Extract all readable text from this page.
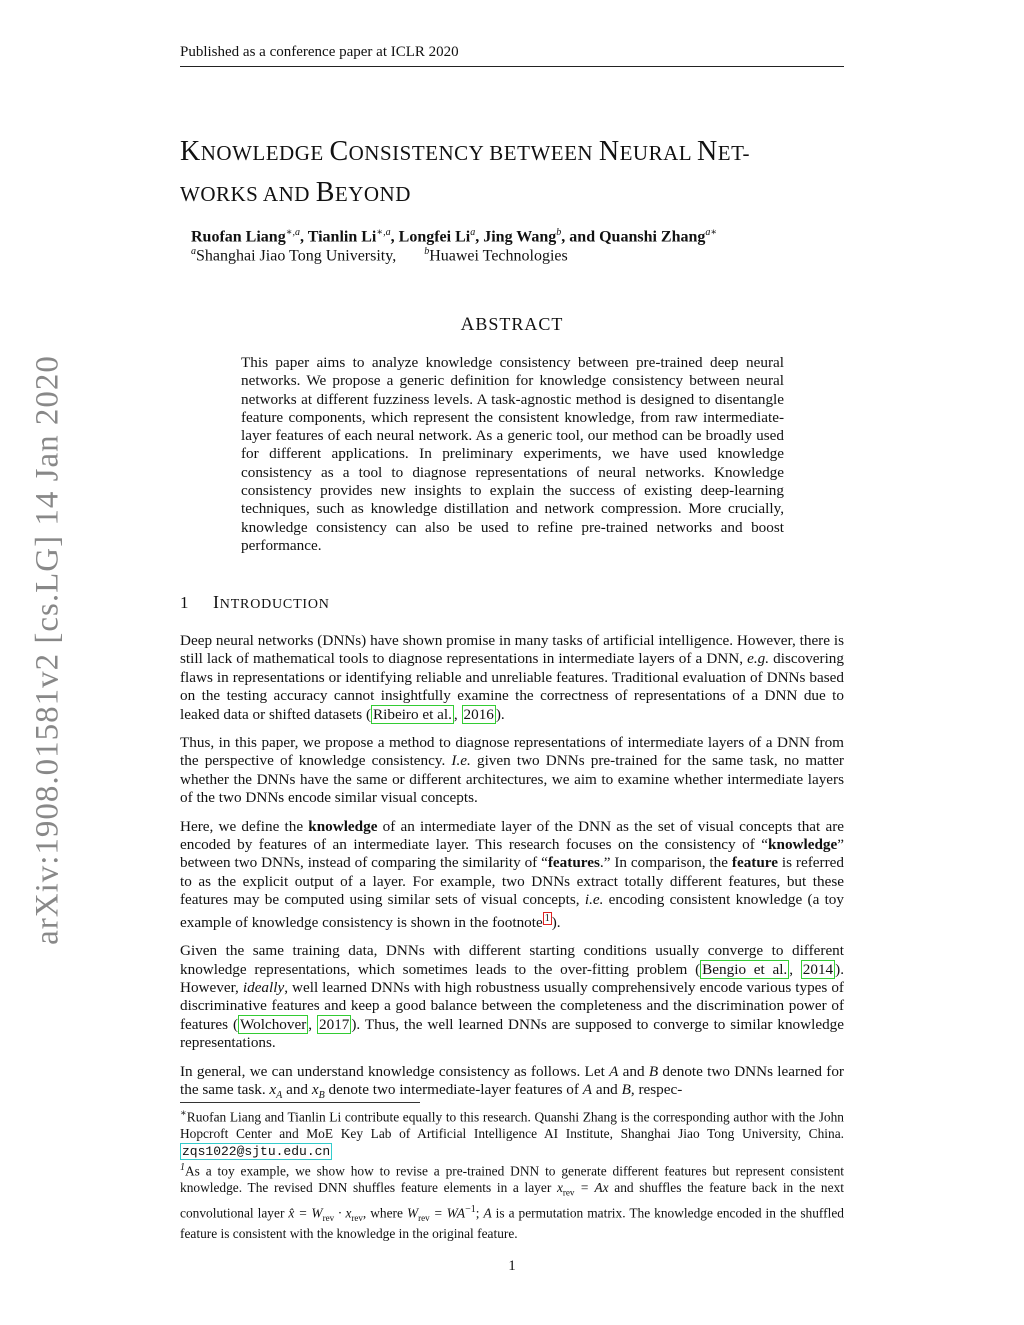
Published as a conference paper at ICLR 2020
arXiv:1908.01581v2 [cs.LG] 14 Jan 2020
KNOWLEDGE CONSISTENCY BETWEEN NEURAL NET-
WORKS AND BEYOND
Ruofan Liang$^{∗,a}$, Tianlin $Li^{∗,a}$, Longfei Li$^a$, Jing Wang$^b$, and Quanshi Zhang$^{a∗}$
$^a$Shanghai Jiao Tong University,	$^b$Huawei Technologies
ABSTRACT
This paper aims to analyze knowledge consistency between pre-trained deep neural networks. We propose a generic definition for knowledge consistency between neural networks at different fuzziness levels. A task-agnostic method is designed to disentangle feature components, which represent the consistent knowledge, from raw intermediate-layer features of each neural network. As a generic tool, our method can be broadly used for different applications. In preliminary experiments, we have used knowledge consistency as a tool to diagnose representations of neural networks. Knowledge consistency provides new insights to explain the success of existing deep-learning techniques, such as knowledge distillation and network compression. More crucially, knowledge consistency can also be used to refine pre-trained networks and boost performance.
1 INTRODUCTION

Deep neural networks (DNNs) have shown promise in many tasks of artificial intelligence. However, there is still lack of mathematical tools to diagnose representations in intermediate layers of a DNN, e.g. discovering flaws in representations or identifying reliable and unreliable features. Traditional evaluation of DNNs based on the testing accuracy cannot insightfully examine the correctness of representations of a DNN due to leaked data or shifted datasets ( Ribeiro et al. , 2016 ).

Thus, in this paper, we propose a method to diagnose representations of intermediate layers of a DNN from the perspective of knowledge consistency. I.e. given two DNNs pre-trained for the same task, no matter whether the DNNs have the same or different architectures, we aim to examine whether intermediate layers of the two DNNs encode similar visual concepts.

Here, we define the knowledge of an intermediate layer of the DNN as the set of visual concepts that are encoded by features of an intermediate layer. This research focuses on the consistency of “knowledge” between two DNNs, instead of comparing the similarity of “features.” In comparison, the feature is referred to as the explicit output of a layer. For example, two DNNs extract totally different features, but these features may be computed using similar sets of visual concepts, i.e. encoding consistent knowledge (a toy example of knowledge consistency is shown in the footnote $^1$ ).

Given the same training data, DNNs with different starting conditions usually converge to different knowledge representations, which sometimes leads to the over-fitting problem ( Bengio et al. , 2014 ). However, ideally, well learned DNNs with high robustness usually comprehensively encode various types of discriminative features and keep a good balance between the completeness and the discrimination power of features ( Wolchover , 2017 ). Thus, the well learned DNNs are supposed to converge to similar knowledge representations.

In general, we can understand knowledge consistency as follows. Let A and B denote two DNNs learned for the same task. $x_A$ and $x_B$ denote two intermediate-layer features of A and B, respec-

∗Ruofan Liang and Tianlin Li contribute equally to this research. Quanshi Zhang is the corresponding author with the John Hopcroft Center and MoE Key Lab of Artificial Intelligence AI Institute, Shanghai Jiao Tong University, China. zqs1022@sjtu.edu.cn

$^1$As a toy example, we show how to revise a pre-trained DNN to generate different features but represent consistent knowledge. The revised DNN shuffles feature elements in a layer $x_{rev} = Ax$ and shuffles the feature back in the next convolutional layer x̂ = $W_{rev} \cdot x_{rev}$, where $W_{rev} = WA^{-1}$; A is a permutation matrix. The knowledge encoded in the shuffled feature is consistent with the knowledge in the original feature.

1
